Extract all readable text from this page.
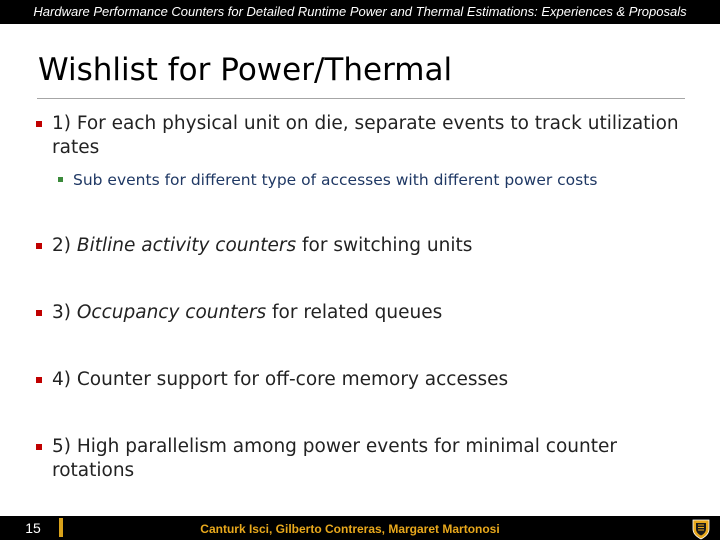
Hardware Performance Counters for Detailed Runtime Power and Thermal Estimations: Experiences & Proposals
Wishlist for Power/Thermal
1) For each physical unit on die, separate events to track utilization rates
Sub events for different type of accesses with different power costs
2) Bitline activity counters for switching units
3) Occupancy counters for related queues
4) Counter support for off-core memory accesses
5) High parallelism among power events for minimal counter rotations
15	Canturk Isci, Gilberto Contreras, Margaret Martonosi
